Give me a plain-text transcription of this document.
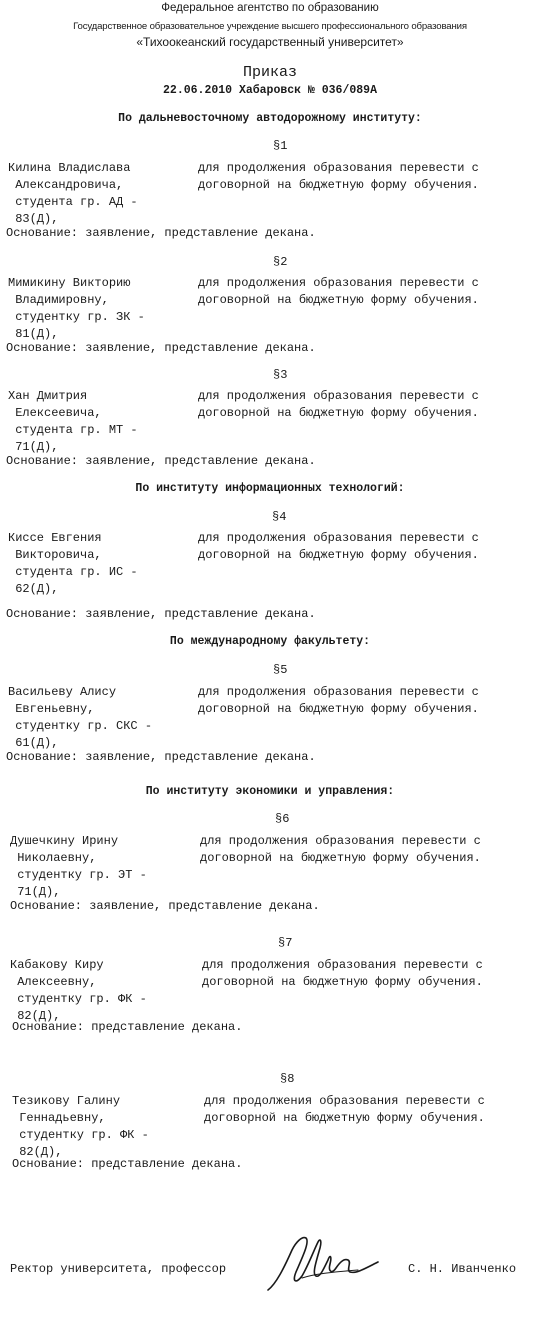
Федеральное агентство по образованию
Государственное образовательное учреждение высшего профессионального образования
«Тихоокеанский государственный университет»
Приказ
22.06.2010 Хабаровск № 036/089А
По дальневосточному автодорожному институту:
§1
Килина Владислава
Александровича,
студента гр. АД -
83(Д),
для продолжения образования перевести с
договорной на бюджетную форму обучения.
Основание: заявление, представление декана.
§2
Мимикину Викторию
Владимировну,
студентку гр. ЗК -
81(Д),
для продолжения образования перевести с
договорной на бюджетную форму обучения.
Основание: заявление, представление декана.
§3
Хан Дмитрия
Елексеевича,
студента гр. МТ -
71(Д),
для продолжения образования перевести с
договорной на бюджетную форму обучения.
Основание: заявление, представление декана.
По институту информационных технологий:
§4
Киссе Евгения
Викторовича,
студента гр. ИС -
62(Д),
для продолжения образования перевести с
договорной на бюджетную форму обучения.
Основание: заявление, представление декана.
По международному факультету:
§5
Васильеву Алису
Евгеньевну,
студентку гр. СКС -
61(Д),
для продолжения образования перевести с
договорной на бюджетную форму обучения.
Основание: заявление, представление декана.
По институту экономики и управления:
§6
Душечкину Ирину
Николаевну,
студентку гр. ЭТ -
71(Д),
для продолжения образования перевести с
договорной на бюджетную форму обучения.
Основание: заявление, представление декана.
§7
Кабакову Киру
Алексеевну,
студентку гр. ФК -
82(Д),
для продолжения образования перевести с
договорной на бюджетную форму обучения.
Основание: представление декана.
§8
Тезикову Галину
Геннадьевну,
студентку гр. ФК -
82(Д),
для продолжения образования перевести с
договорной на бюджетную форму обучения.
Основание: представление декана.
Ректор университета, профессор	С. Н. Иванченко
